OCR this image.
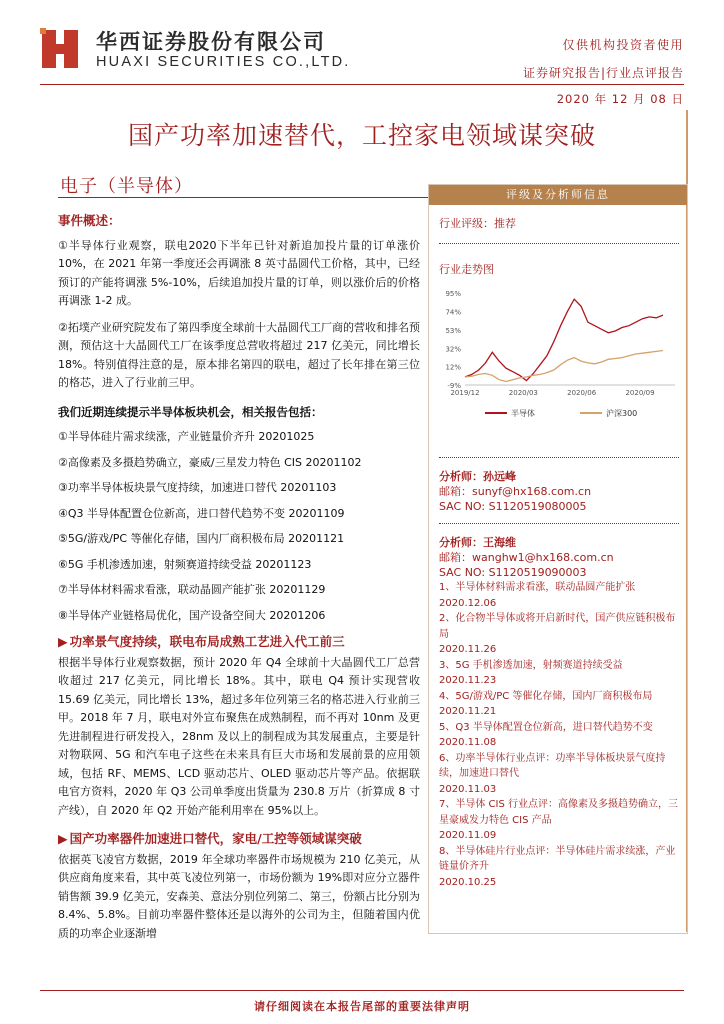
华西证券股份有限公司
HUAXI SECURITIES CO.,LTD.
仅供机构投资者使用
证券研究报告|行业点评报告
2020 年 12 月 08 日
国产功率加速替代，工控家电领域谋突破
电子（半导体）
事件概述：
①半导体行业观察，联电2020下半年已针对新追加投片量的订单涨价 10%，在 2021 年第一季度还会再调涨 8 英寸晶圆代工价格，其中，已经预订的产能将调涨 5%-10%，后续追加投片量的订单，则以涨价后的价格再调涨 1-2 成。
②拓墣产业研究院发布了第四季度全球前十大晶圆代工厂商的营收和排名预测，预估这十大晶圆代工厂在该季度总营收将超过 217 亿美元，同比增长 18%。特别值得注意的是，原本排名第四的联电，超过了长年排在第三位的格芯，进入了行业前三甲。
我们近期连续提示半导体板块机会，相关报告包括：
①半导体硅片需求续涨，产业链量价齐升 20201025
②高像素及多摄趋势确立，豪威/三星发力特色 CIS 20201102
③功率半导体板块景气度持续，加速进口替代 20201103
④Q3 半导体配置仓位新高，进口替代趋势不变 20201109
⑤5G/游戏/PC 等催化存储，国内厂商积极布局 20201121
⑥5G 手机渗透加速，射频赛道持续受益 20201123
⑦半导体材料需求看涨，联动晶圆产能扩张 20201129
⑧半导体产业链格局优化，国产设备空间大 20201206
▶ 功率景气度持续，联电布局成熟工艺进入代工前三
根据半导体行业观察数据，预计 2020 年 Q4 全球前十大晶圆代工厂总营收超过 217 亿美元，同比增长 18%。其中，联电 Q4 预计实现营收 15.69 亿美元，同比增长 13%，超过多年位列第三名的格芯进入行业前三甲。2018 年 7 月，联电对外宣布聚焦在成熟制程，而不再对 10nm 及更先进制程进行研发投入，28nm 及以上的制程成为其发展重点，主要是针对物联网、5G 和汽车电子这些在未来具有巨大市场和发展前景的应用领域，包括 RF、MEMS、LCD 驱动芯片、OLED 驱动芯片等产品。依据联电官方资料，2020 年 Q3 公司单季度出货量为 230.8 万片（折算成 8 寸产线），自 2020 年 Q2 开始产能利用率在 95%以上。
▶ 国产功率器件加速进口替代，家电/工控等领域谋突破
依据英飞凌官方数据，2019 年全球功率器件市场规模为 210 亿美元，从供应商角度来看，其中英飞凌位列第一，市场份额为 19%即对应分立器件销售额 39.9 亿美元，安森美、意法分别位列第二、第三，份额占比分别为 8.4%、5.8%。目前功率器件整体还是以海外的公司为主，但随着国内优质的功率企业逐渐增
评级及分析师信息
行业评级：推荐
行业走势图
95%
74%
53%
32%
12%
-9%
2019/12	2020/03	2020/06	2020/09
半导体	沪深300
分析师：孙远峰
邮箱：sunyf@hx168.com.cn
SAC NO: S1120519080005
分析师：王海维
邮箱：wanghw1@hx168.com.cn
SAC NO: S1120519090003
1、半导体材料需求看涨，联动晶圆产能扩张
2020.12.06
2、化合物半导体或将开启新时代，国产供应链积极布局
2020.11.26
3、5G 手机渗透加速，射频赛道持续受益
2020.11.23
4、5G/游戏/PC 等催化存储，国内厂商积极布局
2020.11.21
5、Q3 半导体配置仓位新高，进口替代趋势不变
2020.11.08
6、功率半导体行业点评：功率半导体板块景气度持续，加速进口替代
2020.11.03
7、半导体 CIS 行业点评：高像素及多摄趋势确立，三星豪威发力特色 CIS 产品
2020.11.09
8、半导体硅片行业点评：半导体硅片需求续涨，产业链量价齐升
2020.10.25
请仔细阅读在本报告尾部的重要法律声明
